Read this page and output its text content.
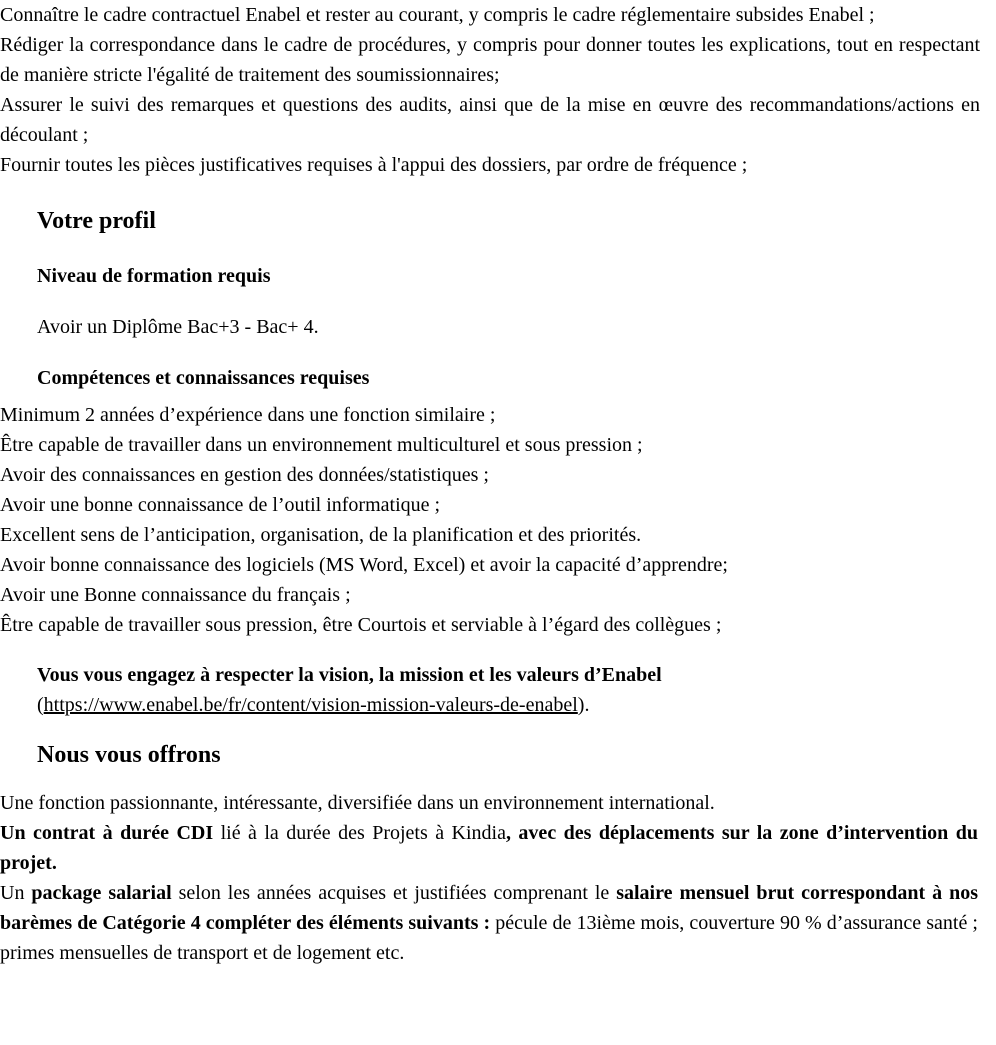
• Connaître le cadre contractuel Enabel et rester au courant, y compris le cadre réglementaire subsides Enabel ;
• Rédiger la correspondance dans le cadre de procédures, y compris pour donner toutes les explications, tout en respectant de manière stricte l'égalité de traitement des soumissionnaires;
• Assurer le suivi des remarques et questions des audits, ainsi que de la mise en œuvre des recommandations/actions en découlant ;
• Fournir toutes les pièces justificatives requises à l'appui des dossiers, par ordre de fréquence ;
Votre profil
Niveau de formation requis
Avoir un Diplôme Bac+3 - Bac+ 4.
Compétences et connaissances requises
• Minimum 2 années d’expérience dans une fonction similaire ;
• Être capable de travailler dans un environnement multiculturel et sous pression ;
• Avoir des connaissances en gestion des données/statistiques ;
• Avoir une bonne connaissance de l’outil informatique ;
• Excellent sens de l’anticipation, organisation, de la planification et des priorités.
• Avoir bonne connaissance des logiciels (MS Word, Excel) et avoir la capacité d’apprendre;
• Avoir une Bonne connaissance du français ;
• Être capable de travailler sous pression, être Courtois et serviable à l’égard des collègues ;
Vous vous engagez à respecter la vision, la mission et les valeurs d’Enabel
(https://www.enabel.be/fr/content/vision-mission-valeurs-de-enabel).
Nous vous offrons
• Une fonction passionnante, intéressante, diversifiée dans un environnement international.
• Un contrat à durée CDI lié à la durée des Projets à Kindia, avec des déplacements sur la zone d’intervention du projet.
• Un package salarial selon les années acquises et justifiées comprenant le salaire mensuel brut correspondant à nos barèmes de Catégorie 4 compléter des éléments suivants : pécule de 13ième mois, couverture 90 % d’assurance santé ; primes mensuelles de transport et de logement etc.
